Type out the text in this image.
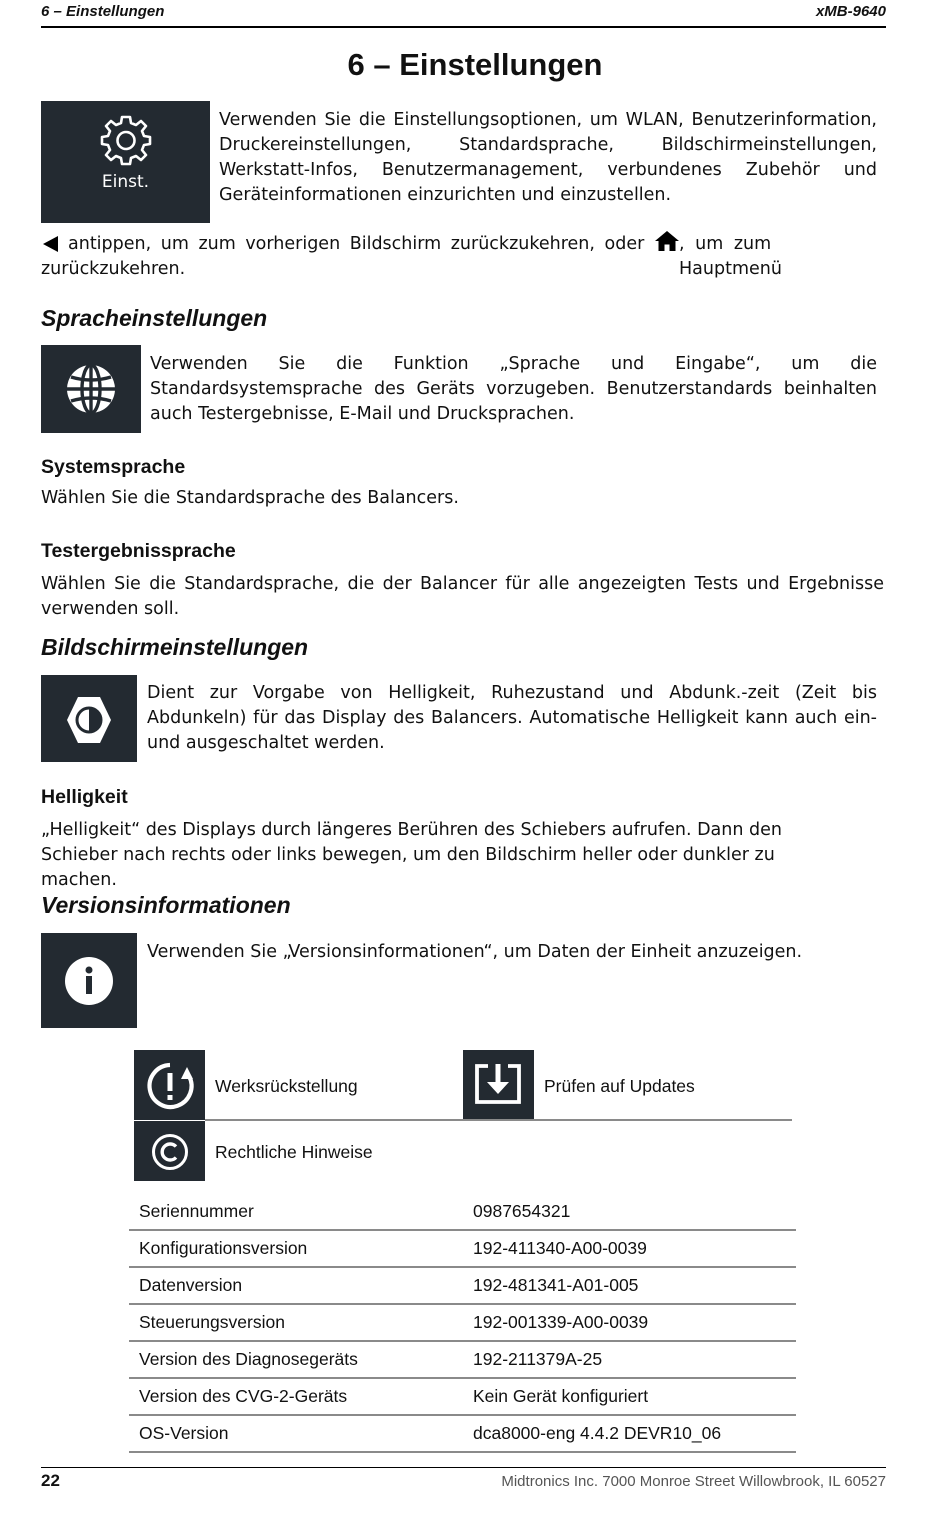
6 – Einstellungen	xMB-9640
6 – Einstellungen
Einst.
Verwenden Sie die Einstellungsoptionen, um WLAN, Benutzerinformation, Druckereinstellungen, Standardsprache, Bildschirmeinstellungen, Werkstatt-Infos, Benutzermanagement, verbundenes Zubehör und Geräteinformationen einzurichten und einzustellen.
antippen, um zum vorherigen Bildschirm zurückzukehren, oder , um zum Hauptmenü
zurückzukehren.
Spracheinstellungen
Verwenden Sie die Funktion „Sprache und Eingabe“, um die Standardsystemsprache des Geräts vorzugeben. Benutzerstandards beinhalten auch Testergebnisse, E-Mail und Drucksprachen.
Systemsprache
Wählen Sie die Standardsprache des Balancers.
Testergebnissprache
Wählen Sie die Standardsprache, die der Balancer für alle angezeigten Tests und Ergebnisse verwenden soll.
Bildschirmeinstellungen
Dient zur Vorgabe von Helligkeit, Ruhezustand und Abdunk.-zeit (Zeit bis Abdunkeln) für das Display des Balancers. Automatische Helligkeit kann auch ein- und ausgeschaltet werden.
Helligkeit
„Helligkeit“ des Displays durch längeres Berühren des Schiebers aufrufen. Dann den Schieber nach rechts oder links bewegen, um den Bildschirm heller oder dunkler zu machen.
Versionsinformationen
Verwenden Sie „Versionsinformationen“, um Daten der Einheit anzuzeigen.
Werksrückstellung	Prüfen auf Updates
Rechtliche Hinweise
Seriennummer	0987654321
Konfigurationsversion	192-411340-A00-0039
Datenversion	192-481341-A01-005
Steuerungsversion	192-001339-A00-0039
Version des Diagnosegeräts	192-211379A-25
Version des CVG-2-Geräts	Kein Gerät konfiguriert
OS-Version	dca8000-eng 4.4.2 DEVR10_06
22	Midtronics Inc. 7000 Monroe Street Willowbrook, IL 60527
